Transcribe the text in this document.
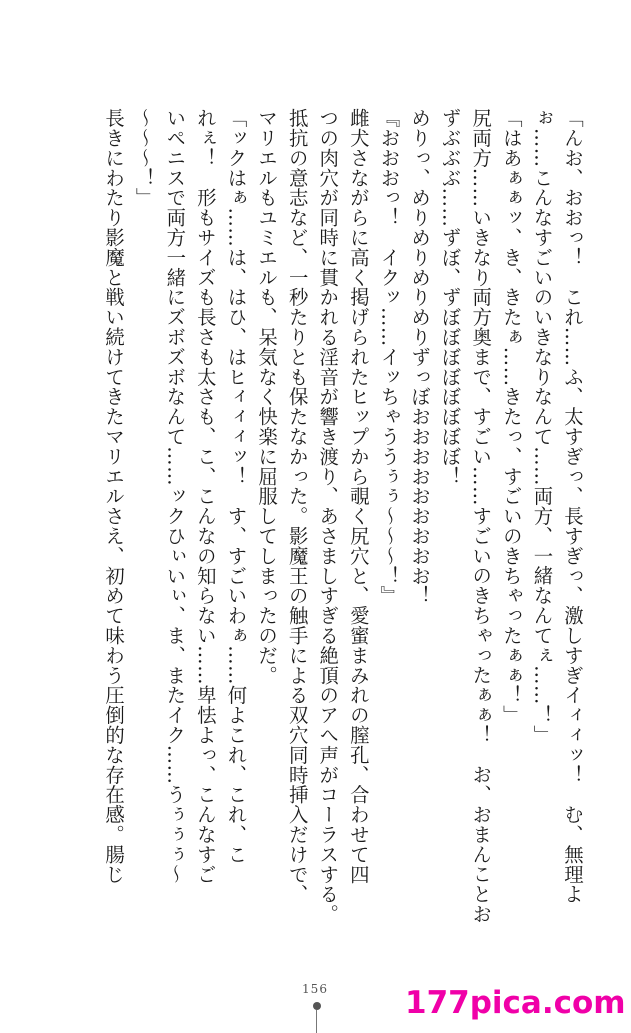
「んお、おおっ！　これ……ふ、太すぎっ、長すぎっ、激しすぎイィィッ！　む、無理よ

ぉ……こんなすごいのいきなりなんて……両方、一緒なんてぇ……！」

「はあぁぁッ、き、きたぁ……きたっ、すごいのきちゃったぁぁ！」

尻両方……いきなり両方奥まで、すごい……すごいのきちゃったぁぁ！　お、おまんことお

ずぶぶぶ……ずぼ、ずぼぼぼぼぼぼぼぼ！

めりっ、めりめりめりめりずっぼおおおおおおおおお！

『おおおっ！　イクッ……イッちゃううぅぅ～～～！』

雌犬さながらに高く掲げられたヒップから覗く尻穴と、愛蜜まみれの膣孔、合わせて四

つの肉穴が同時に貫かれる淫音が響き渡り、あさましすぎる絶頂のアへ声がコーラスする。

抵抗の意志など、一秒たりとも保たなかった。影魔王の触手による双穴同時挿入だけで、

マリエルもユミエルも、呆気なく快楽に屈服してしまったのだ。

「ックはぁ……は、はひ、はヒィィィッ！　す、すごいわぁ……何よこれ、これ、こ

れぇ！　形もサイズも長さも太さも、こ、こんなの知らない……卑怯よっ、こんなすご

いペニスで両方一緒にズボズボなんて……ックひぃいぃ、ま、またイク……うぅぅぅ～

～～～！」

長きにわたり影魔と戦い続けてきたマリエルさえ、初めて味わう圧倒的な存在感。腸じ

156 177pica.com
